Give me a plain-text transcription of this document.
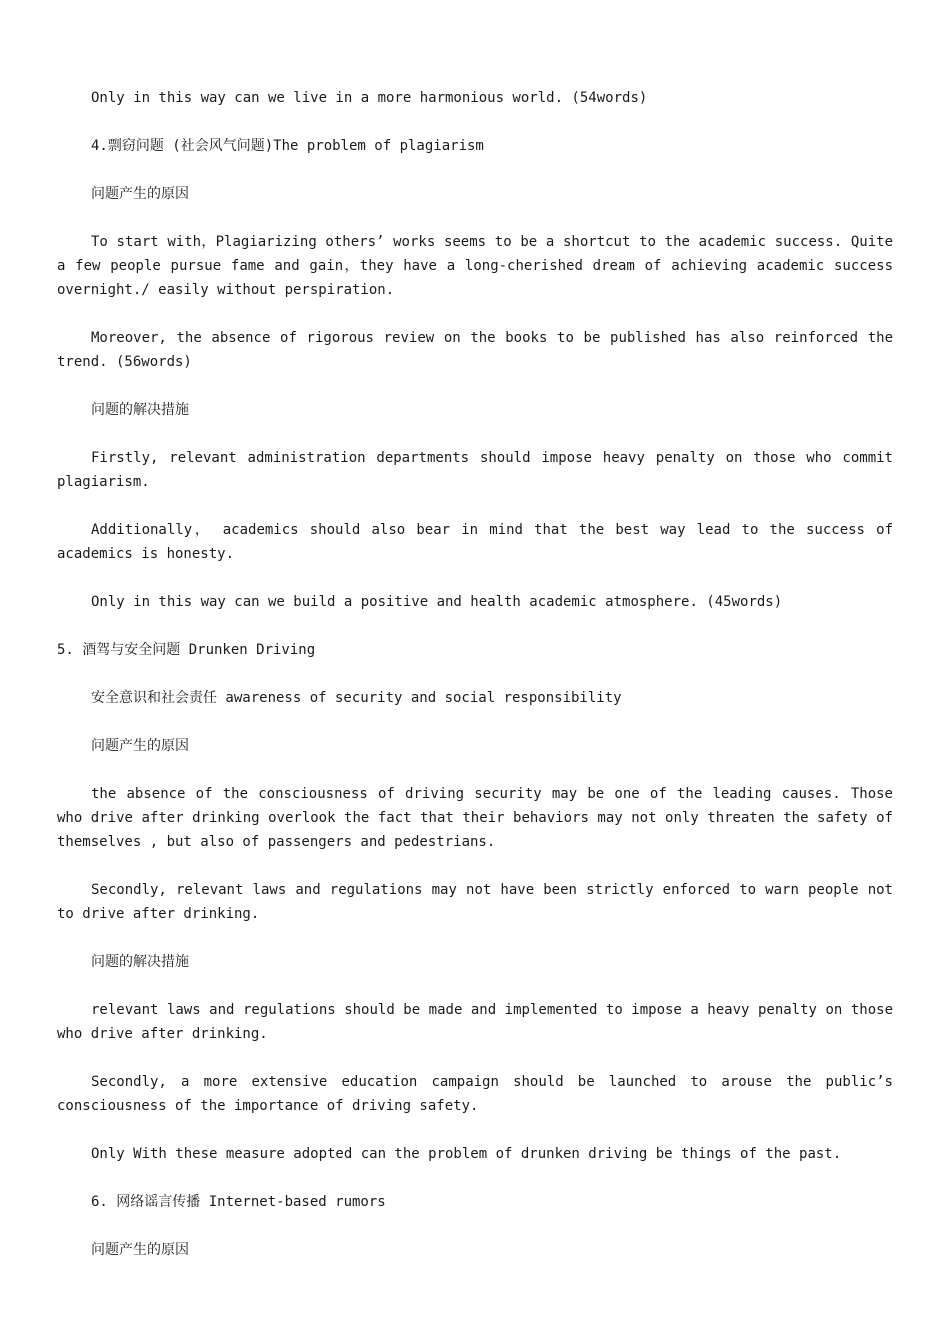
Only in this way can we live in a more harmonious world. (54words)

4.剽窃问题 (社会风气问题)The problem of plagiarism

问题产生的原因

To start with，Plagiarizing others’ works seems to be a shortcut to the academic success. Quite a few people pursue fame and gain，they have a long-cherished dream of achieving academic success overnight./ easily without perspiration.

Moreover, the absence of rigorous review on the books to be published has also reinforced the trend. (56words)

问题的解决措施

Firstly, relevant administration departments should impose heavy penalty on those who commit plagiarism.

Additionally， academics should also bear in mind that the best way lead to the success of academics is honesty.

Only in this way can we build a positive and health academic atmosphere. (45words)

5. 酒驾与安全问题 Drunken Driving

安全意识和社会责任 awareness of security and social responsibility

问题产生的原因

the absence of the consciousness of driving security may be one of the leading causes. Those who drive after drinking overlook the fact that their behaviors may not only threaten the safety of themselves , but also of passengers and pedestrians.

Secondly, relevant laws and regulations may not have been strictly enforced to warn people not to drive after drinking.

问题的解决措施

relevant laws and regulations should be made and implemented to impose a heavy penalty on those who drive after drinking.

Secondly, a more extensive education campaign should be launched to arouse the public’s consciousness of the importance of driving safety.

Only With these measure adopted can the problem of drunken driving be things of the past.

6. 网络谣言传播 Internet-based rumors

问题产生的原因
